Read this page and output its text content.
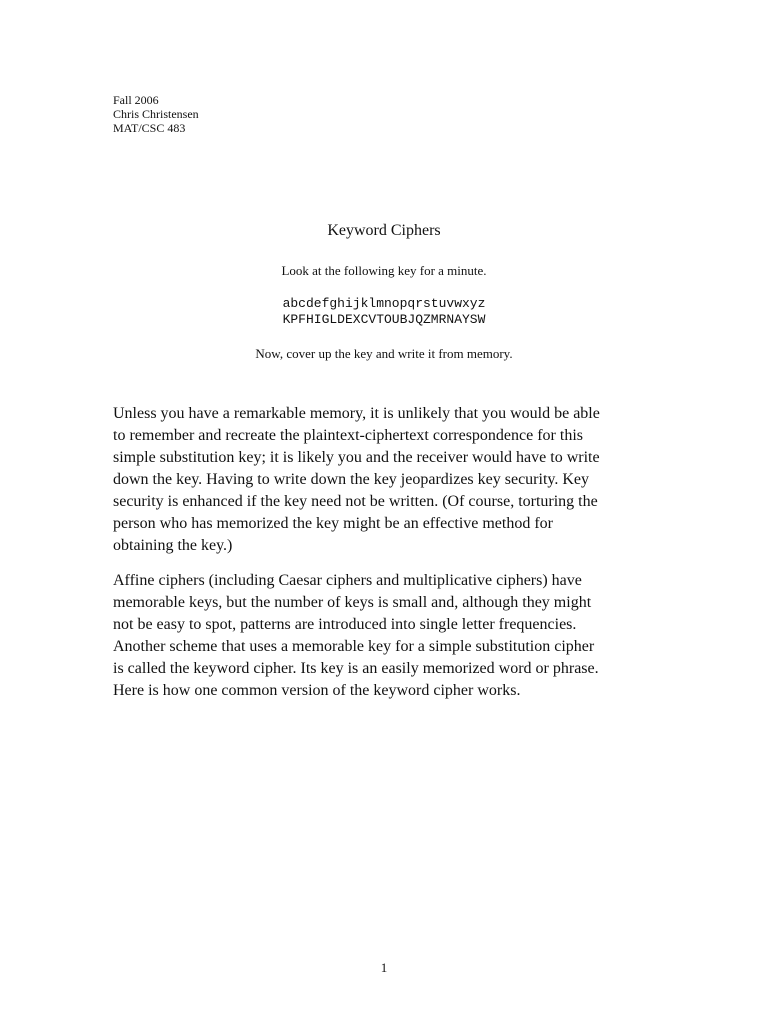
Fall 2006
Chris Christensen
MAT/CSC 483
Keyword Ciphers
Look at the following key for a minute.
abcdefghijklmnopqrstuvwxyz
KPFHIGLDEXCVTOUBJQZMRNAYSW
Now, cover up the key and write it from memory.

Unless you have a remarkable memory, it is unlikely that you would be able
to remember and recreate the plaintext-ciphertext correspondence for this
simple substitution key; it is likely you and the receiver would have to write
down the key. Having to write down the key jeopardizes key security. Key
security is enhanced if the key need not be written. (Of course, torturing the
person who has memorized the key might be an effective method for
obtaining the key.)

Affine ciphers (including Caesar ciphers and multiplicative ciphers) have
memorable keys, but the number of keys is small and, although they might
not be easy to spot, patterns are introduced into single letter frequencies.
Another scheme that uses a memorable key for a simple substitution cipher
is called the keyword cipher. Its key is an easily memorized word or phrase.
Here is how one common version of the keyword cipher works.

1
